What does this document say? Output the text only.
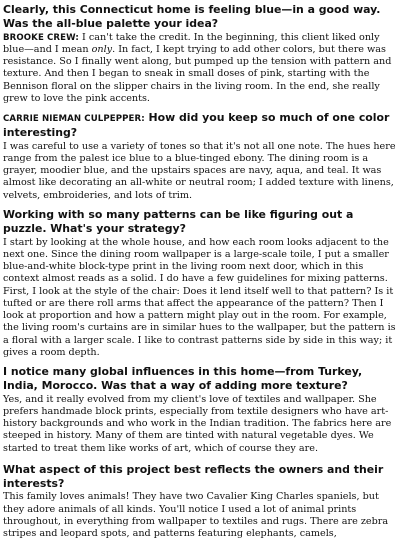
Clearly, this Connecticut home is feeling blue—in a good way. Was the all-blue palette your idea?

BROOKE CREW: I can't take the credit. In the beginning, this client liked only blue—and I mean only. In fact, I kept trying to add other colors, but there was resistance. So I finally went along, but pumped up the tension with pattern and texture. And then I began to sneak in small doses of pink, starting with the Bennison floral on the slipper chairs in the living room. In the end, she really grew to love the pink accents.

CARRIE NIEMAN CULPEPPER: How did you keep so much of one color interesting?

I was careful to use a variety of tones so that it's not all one note. The hues here range from the palest ice blue to a blue-tinged ebony. The dining room is a grayer, moodier blue, and the upstairs spaces are navy, aqua, and teal. It was almost like decorating an all-white or neutral room; I added texture with linens, velvets, embroideries, and lots of trim.

Working with so many patterns can be like figuring out a puzzle. What's your strategy?

I start by looking at the whole house, and how each room looks adjacent to the next one. Since the dining room wallpaper is a large-scale toile, I put a smaller blue-and-white block-type print in the living room next door, which in this context almost reads as a solid. I do have a few guidelines for mixing patterns. First, I look at the style of the chair: Does it lend itself well to that pattern? Is it tufted or are there roll arms that affect the appearance of the pattern? Then I look at proportion and how a pattern might play out in the room. For example, the living room's curtains are in similar hues to the wallpaper, but the pattern is a floral with a larger scale. I like to contrast patterns side by side in this way; it gives a room depth.

I notice many global influences in this home—from Turkey, India, Morocco. Was that a way of adding more texture?

Yes, and it really evolved from my client's love of textiles and wallpaper. She prefers handmade block prints, especially from textile designers who have art-history backgrounds and who work in the Indian tradition. The fabrics here are steeped in history. Many of them are tinted with natural vegetable dyes. We started to treat them like works of art, which of course they are.

What aspect of this project best reflects the owners and their interests?

This family loves animals! They have two Cavalier King Charles spaniels, but they adore animals of all kinds. You'll notice I used a lot of animal prints throughout, in everything from wallpaper to textiles and rugs. There are zebra stripes and leopard spots, and patterns featuring elephants, camels,
